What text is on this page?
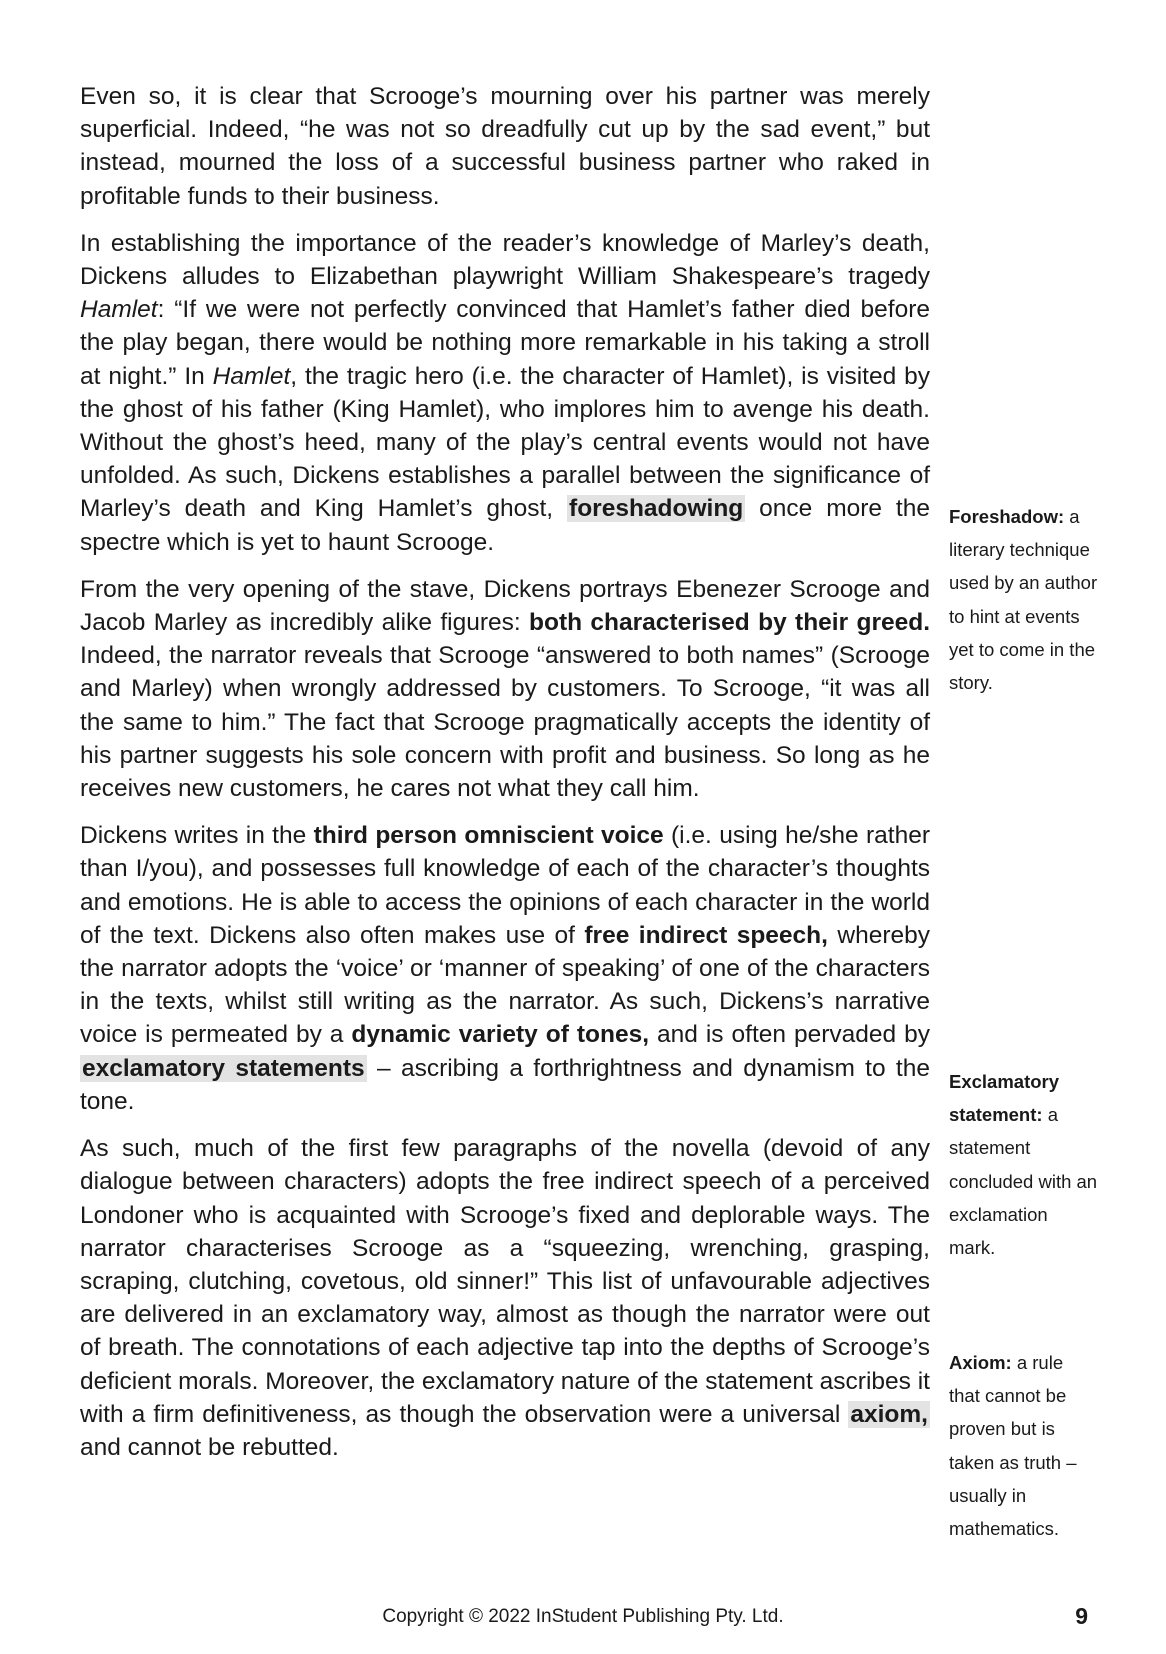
Even so, it is clear that Scrooge’s mourning over his partner was merely superficial. Indeed, “he was not so dreadfully cut up by the sad event,” but instead, mourned the loss of a successful business partner who raked in profitable funds to their business.

In establishing the importance of the reader’s knowledge of Marley’s death, Dickens alludes to Elizabethan playwright William Shakespeare’s tragedy Hamlet: “If we were not perfectly convinced that Hamlet’s father died before the play began, there would be nothing more remarkable in his taking a stroll at night.” In Hamlet, the tragic hero (i.e. the character of Hamlet), is visited by the ghost of his father (King Hamlet), who implores him to avenge his death. Without the ghost’s heed, many of the play’s central events would not have unfolded. As such, Dickens establishes a parallel between the significance of Marley’s death and King Hamlet’s ghost, foreshadowing once more the spectre which is yet to haunt Scrooge.

From the very opening of the stave, Dickens portrays Ebenezer Scrooge and Jacob Marley as incredibly alike figures: both characterised by their greed. Indeed, the narrator reveals that Scrooge “answered to both names” (Scrooge and Marley) when wrongly addressed by customers. To Scrooge, “it was all the same to him.” The fact that Scrooge pragmatically accepts the identity of his partner suggests his sole concern with profit and business. So long as he receives new customers, he cares not what they call him.

Dickens writes in the third person omniscient voice (i.e. using he/she rather than I/you), and possesses full knowledge of each of the character’s thoughts and emotions. He is able to access the opinions of each character in the world of the text. Dickens also often makes use of free indirect speech, whereby the narrator adopts the ‘voice’ or ‘manner of speaking’ of one of the characters in the texts, whilst still writing as the narrator. As such, Dickens’s narrative voice is permeated by a dynamic variety of tones, and is often pervaded by exclamatory statements – ascribing a forthrightness and dynamism to the tone.

As such, much of the first few paragraphs of the novella (devoid of any dialogue between characters) adopts the free indirect speech of a perceived Londoner who is acquainted with Scrooge’s fixed and deplorable ways. The narrator characterises Scrooge as a “squeezing, wrenching, grasping, scraping, clutching, covetous, old sinner!” This list of unfavourable adjectives are delivered in an exclamatory way, almost as though the narrator were out of breath. The connotations of each adjective tap into the depths of Scrooge’s deficient morals. Moreover, the exclamatory nature of the statement ascribes it with a firm definitiveness, as though the observation were a universal axiom, and cannot be rebutted.

Foreshadow: a literary technique used by an author to hint at events yet to come in the story.
Exclamatory statement: a statement concluded with an exclamation mark.
Axiom: a rule that cannot be proven but is taken as truth – usually in mathematics.
Copyright © 2022 InStudent Publishing Pty. Ltd.	9
